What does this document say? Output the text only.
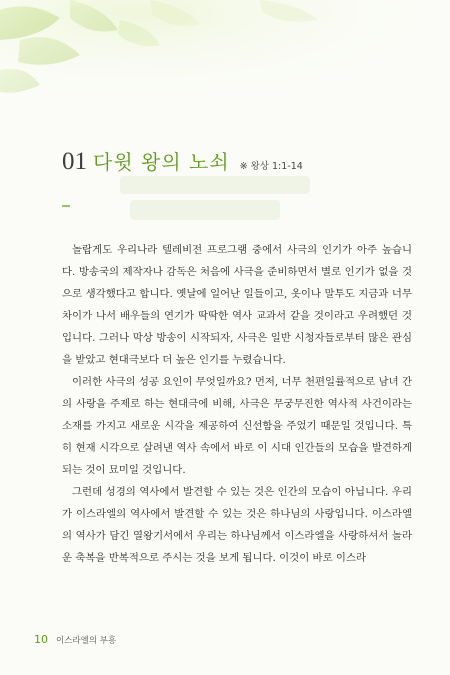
01 다윗 왕의 노쇠 ※ 왕상 1:1-14

놀랍게도 우리나라 텔레비전 프로그램 중에서 사극의 인기가 아주 높습니다. 방송국의 제작자나 감독은 처음에 사극을 준비하면서 별로 인기가 없을 것으로 생각했다고 합니다. 옛날에 일어난 일들이고, 옷이나 말투도 지금과 너무 차이가 나서 배우들의 연기가 딱딱한 역사 교과서 같을 것이라고 우려했던 것입니다. 그러나 막상 방송이 시작되자, 사극은 일반 시청자들로부터 많은 관심을 받았고 현대극보다 더 높은 인기를 누렸습니다.

이러한 사극의 성공 요인이 무엇일까요? 먼저, 너무 천편일률적으로 남녀 간의 사랑을 주제로 하는 현대극에 비해, 사극은 무궁무진한 역사적 사건이라는 소재를 가지고 새로운 시각을 제공하여 신선함을 주었기 때문일 것입니다. 특히 현재 시각으로 살려낸 역사 속에서 바로 이 시대 인간들의 모습을 발견하게 되는 것이 묘미일 것입니다.

그런데 성경의 역사에서 발견할 수 있는 것은 인간의 모습이 아닙니다. 우리가 이스라엘의 역사에서 발견할 수 있는 것은 하나님의 사랑입니다. 이스라엘의 역사가 담긴 열왕기서에서 우리는 하나님께서 이스라엘을 사랑하셔서 놀라운 축복을 반복적으로 주시는 것을 보게 됩니다. 이것이 바로 이스라

10 이스라엘의 부흥
